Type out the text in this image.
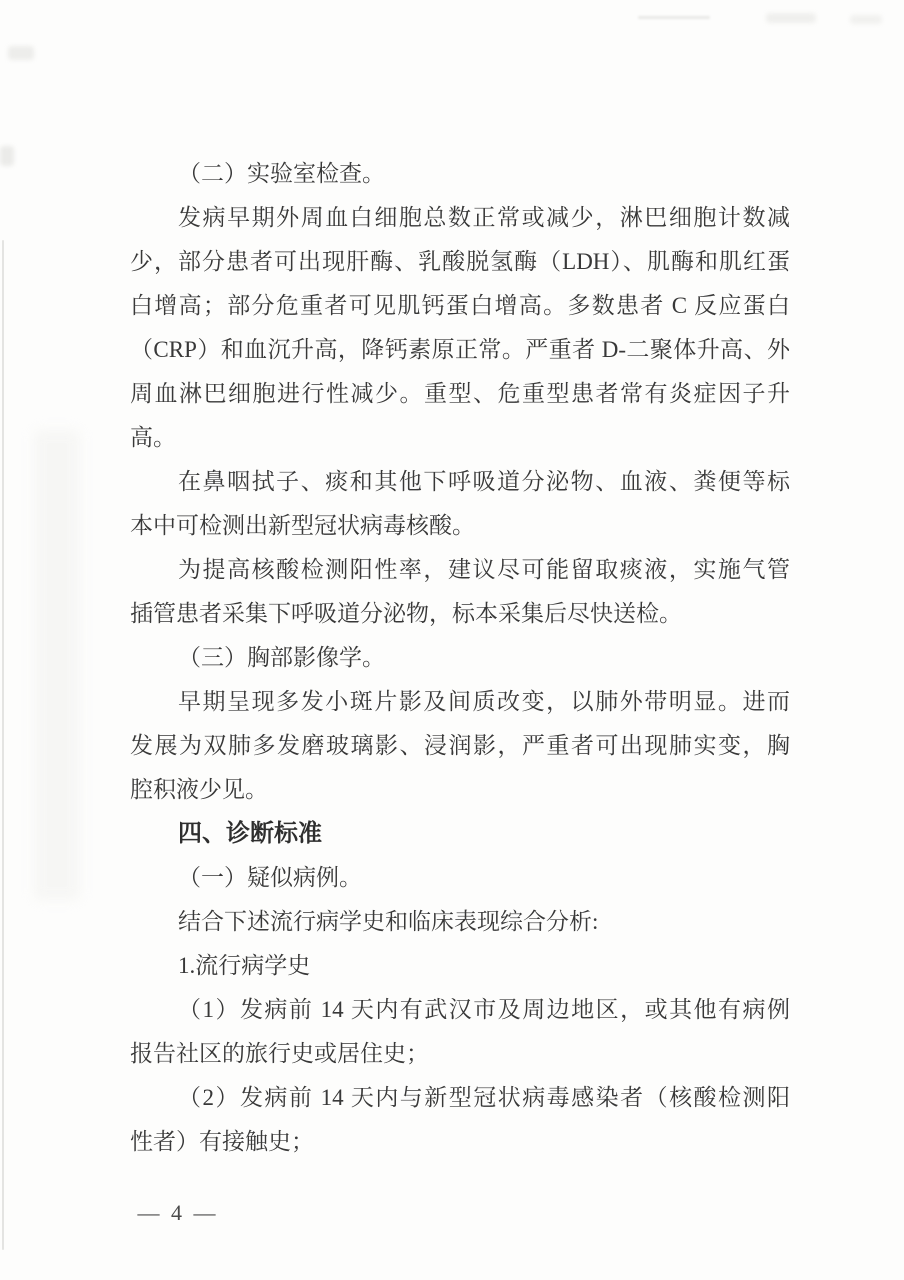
（二）实验室检查。
发病早期外周血白细胞总数正常或减少，淋巴细胞计数减
少，部分患者可出现肝酶、乳酸脱氢酶（LDH）、肌酶和肌红蛋
白增高；部分危重者可见肌钙蛋白增高。多数患者 C 反应蛋白
（CRP）和血沉升高，降钙素原正常。严重者 D-二聚体升高、外
周血淋巴细胞进行性减少。重型、危重型患者常有炎症因子升
高。
在鼻咽拭子、痰和其他下呼吸道分泌物、血液、粪便等标
本中可检测出新型冠状病毒核酸。
为提高核酸检测阳性率，建议尽可能留取痰液，实施气管
插管患者采集下呼吸道分泌物，标本采集后尽快送检。
（三）胸部影像学。
早期呈现多发小斑片影及间质改变，以肺外带明显。进而
发展为双肺多发磨玻璃影、浸润影，严重者可出现肺实变，胸
腔积液少见。
四、诊断标准
（一）疑似病例。
结合下述流行病学史和临床表现综合分析:
1.流行病学史
（1）发病前 14 天内有武汉市及周边地区，或其他有病例
报告社区的旅行史或居住史；
（2）发病前 14 天内与新型冠状病毒感染者（核酸检测阳
性者）有接触史；
— 4 —
